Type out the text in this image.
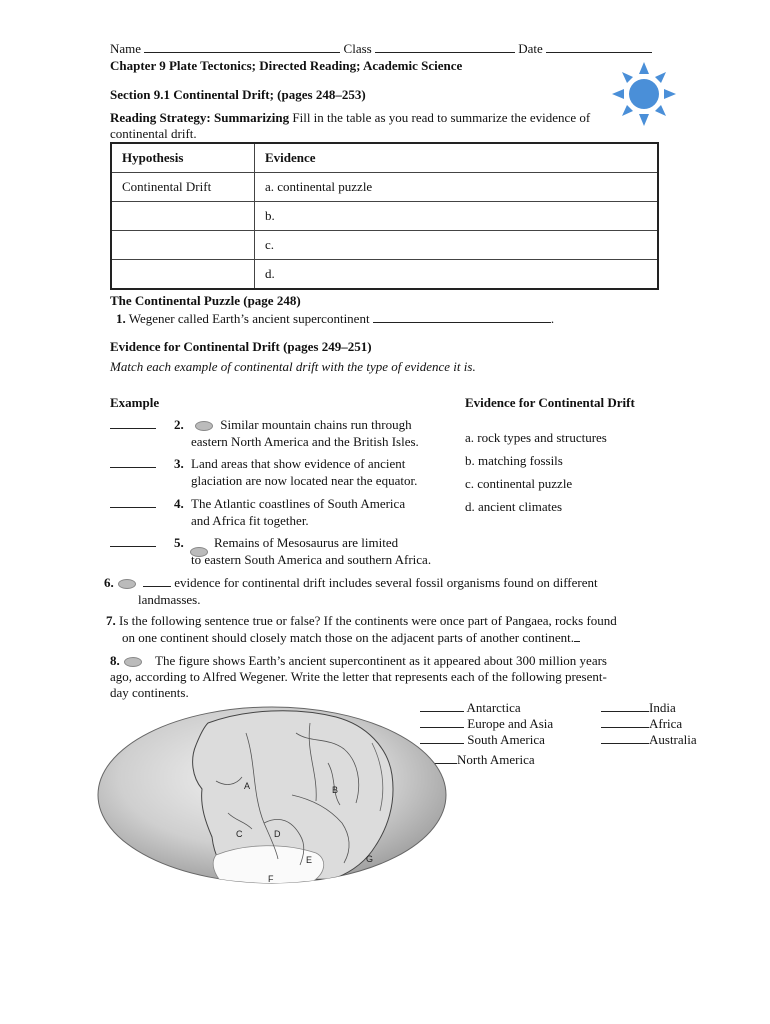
Name	Class	Date
Chapter 9 Plate Tectonics; Directed Reading; Academic Science
Section 9.1 Continental Drift; (pages 248–253)
Reading Strategy: Summarizing Fill in the table as you read to summarize the evidence of
continental drift.
Hypothesis	Evidence
Continental Drift	a. continental puzzle
	b.
	c.
	d.
The Continental Puzzle (page 248)
1. Wegener called Earth’s ancient supercontinent	.
Evidence for Continental Drift (pages 249–251)
Match each example of continental drift with the type of evidence it is.
Example	Evidence for Continental Drift
2.	Similar mountain chains run through
eastern North America and the British Isles.
3. Land areas that show evidence of ancient
glaciation are now located near the equator.
4. The Atlantic coastlines of South America
and Africa fit together.
5. Remains of Mesosaurus are limited
to eastern South America and southern Africa.
a. rock types and structures
b. matching fossils
c. continental puzzle
d. ancient climates
6.	evidence for continental drift includes several fossil organisms found on different
landmasses.
7. Is the following sentence true or false? If the continents were once part of Pangaea, rocks found
on one continent should closely match those on the adjacent parts of another continent.
8.	The figure shows Earth’s ancient supercontinent as it appeared about 300 million years
ago, according to Alfred Wegener. Write the letter that represents each of the following present-
day continents.
Antarctica
Europe and Asia
South America
North America
India
Africa
Australia
A	B
C	D
E
F
G
